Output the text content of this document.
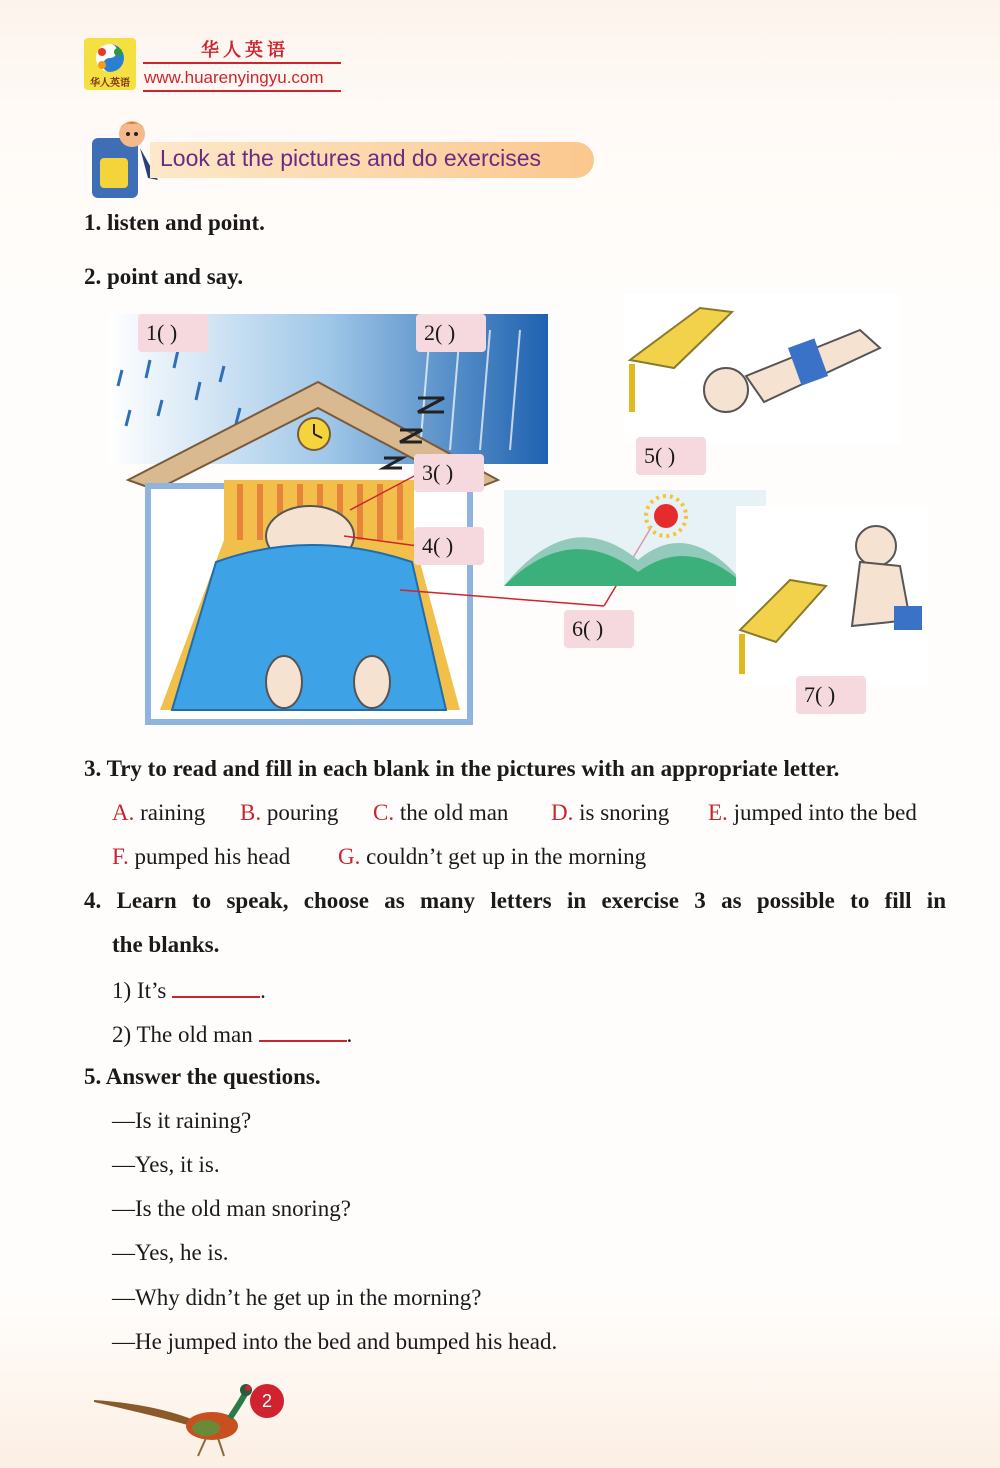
华人英语
华人英语
www.huarenyingyu.com
Look at the pictures and do exercises
1. listen and point.
2. point and say.
1( )	2( )
3( )
4( )
5( )
6( )
7( )
3. Try to read and fill in each blank in the pictures with an appropriate letter.
A. raining B. pouring C. the old man D. is snoring E. jumped into the bed
F. pumped his head G. couldn’t get up in the morning
4. Learn to speak, choose as many letters in exercise 3 as possible to fill in
the blanks.
1) It’s	.
2) The old man	.
5. Answer the questions.
—Is it raining?
—Yes, it is.
—Is the old man snoring?
—Yes, he is.
—Why didn’t he get up in the morning?
—He jumped into the bed and bumped his head.
2
